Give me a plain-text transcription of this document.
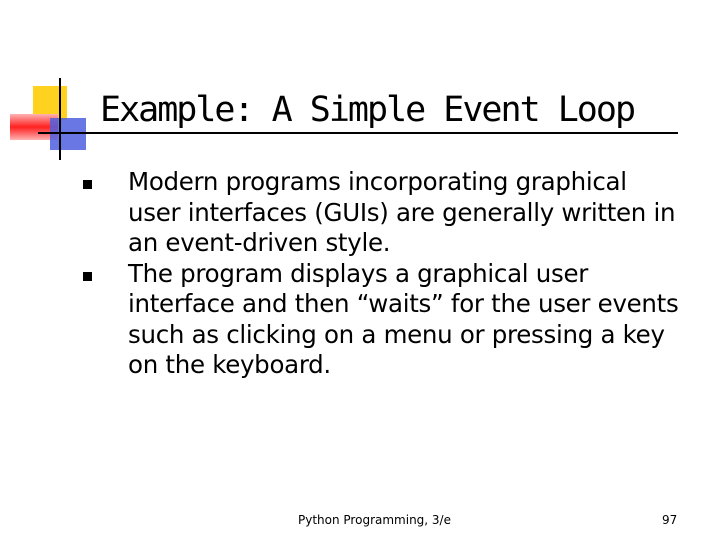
Example: A Simple Event Loop
Modern programs incorporating graphical user interfaces (GUIs) are generally written in an event-driven style.
The program displays a graphical user interface and then “waits” for the user events such as clicking on a menu or pressing a key on the keyboard.
Python Programming, 3/e	97
